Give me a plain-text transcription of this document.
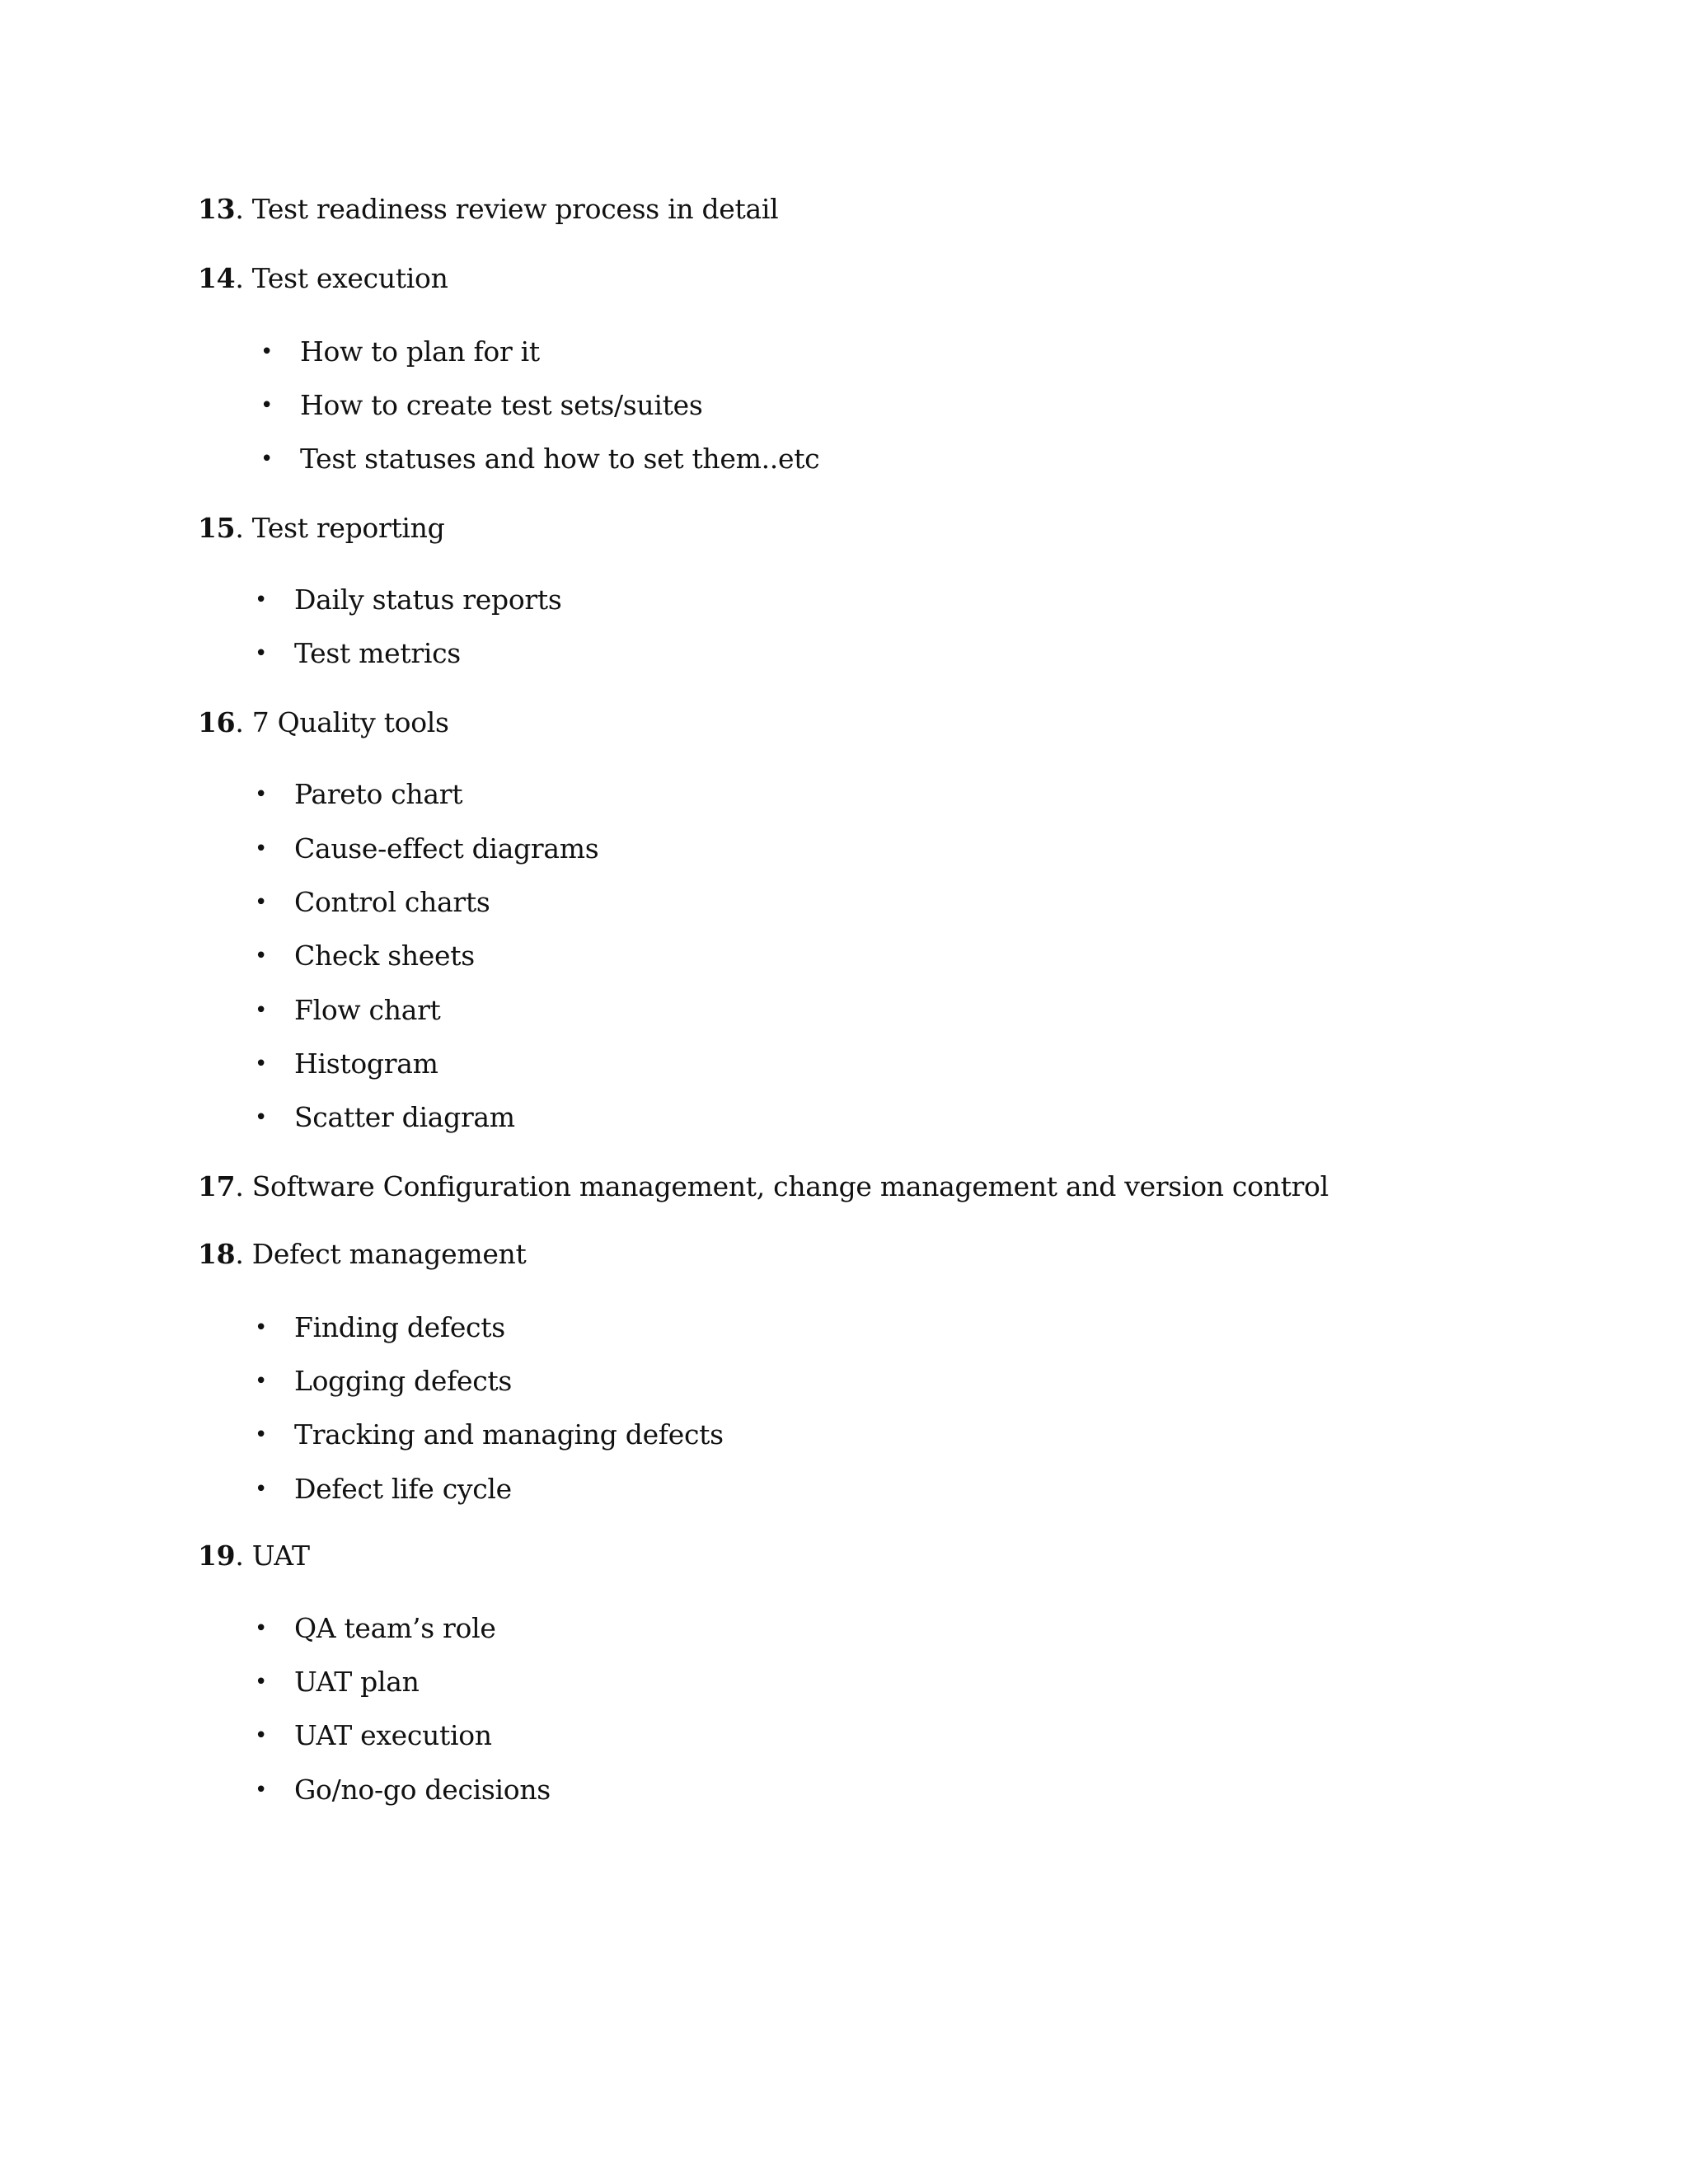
13. Test readiness review process in detail
14. Test execution
• How to plan for it
• How to create test sets/suites
• Test statuses and how to set them..etc
15. Test reporting
• Daily status reports
• Test metrics
16. 7 Quality tools
• Pareto chart
• Cause-effect diagrams
• Control charts
• Check sheets
• Flow chart
• Histogram
• Scatter diagram
17. Software Configuration management, change management and version control
18. Defect management
• Finding defects
• Logging defects
• Tracking and managing defects
• Defect life cycle
19. UAT
• QA team’s role
• UAT plan
• UAT execution
• Go/no-go decisions
